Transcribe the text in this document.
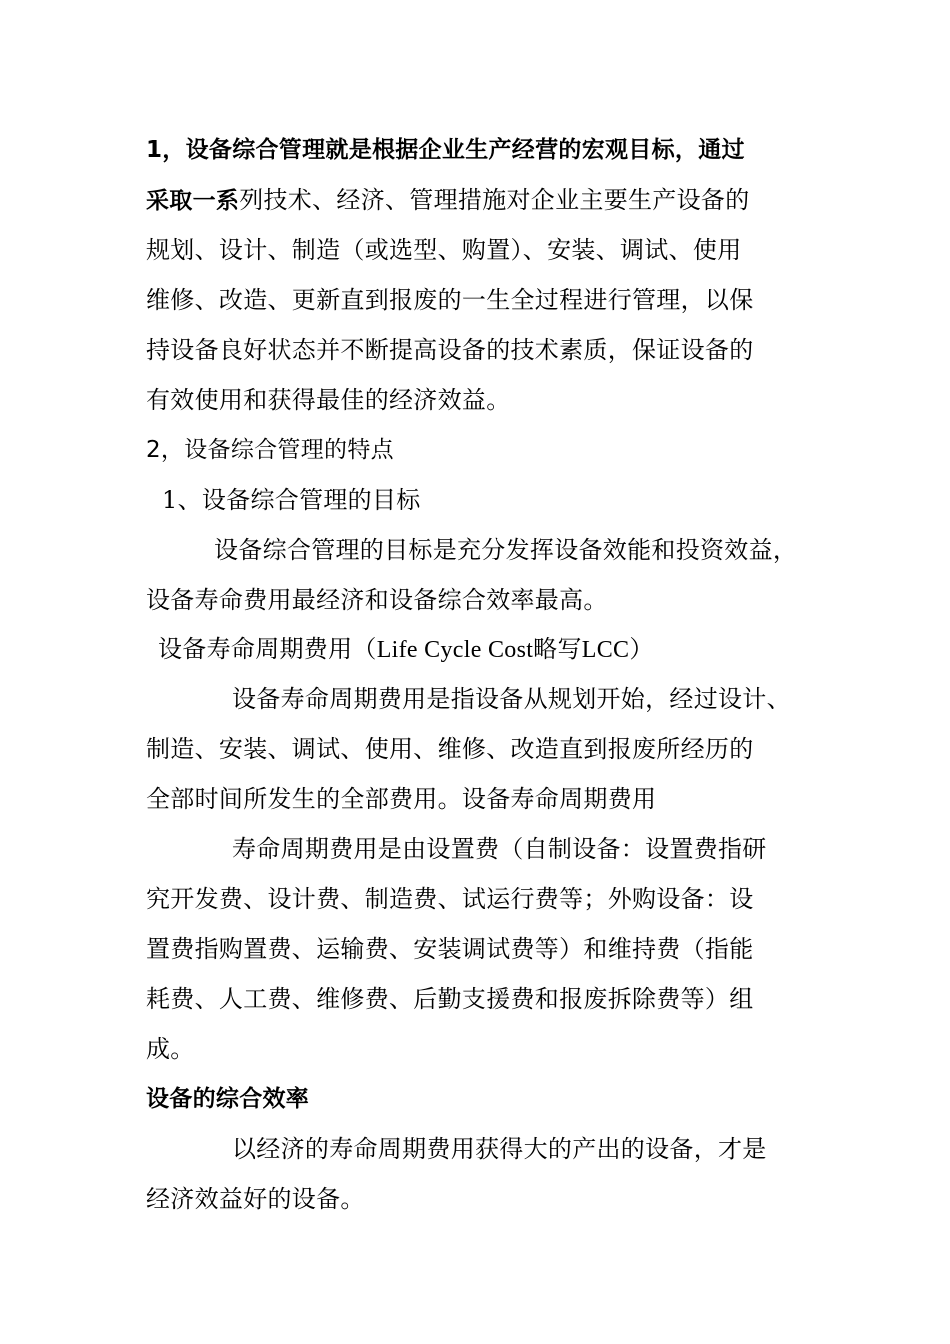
1，设备综合管理就是根据企业生产经营的宏观目标，通过
采取一系列技术、经济、管理措施对企业主要生产设备的
规划、设计、制造（或选型、购置）、安装、调试、使用
维修、改造、更新直到报废的一生全过程进行管理，以保
持设备良好状态并不断提高设备的技术素质，保证设备的
有效使用和获得最佳的经济效益。
2，设备综合管理的特点
1、设备综合管理的目标
设备综合管理的目标是充分发挥设备效能和投资效益，
设备寿命费用最经济和设备综合效率最高。
设备寿命周期费用（Life Cycle Cost略写LCC）
设备寿命周期费用是指设备从规划开始，经过设计、
制造、安装、调试、使用、维修、改造直到报废所经历的
全部时间所发生的全部费用。设备寿命周期费用
寿命周期费用是由设置费（自制设备：设置费指研
究开发费、设计费、制造费、试运行费等；外购设备：设
置费指购置费、运输费、安装调试费等）和维持费（指能
耗费、人工费、维修费、后勤支援费和报废拆除费等）组
成。
设备的综合效率
以经济的寿命周期费用获得大的产出的设备，才是
经济效益好的设备。
